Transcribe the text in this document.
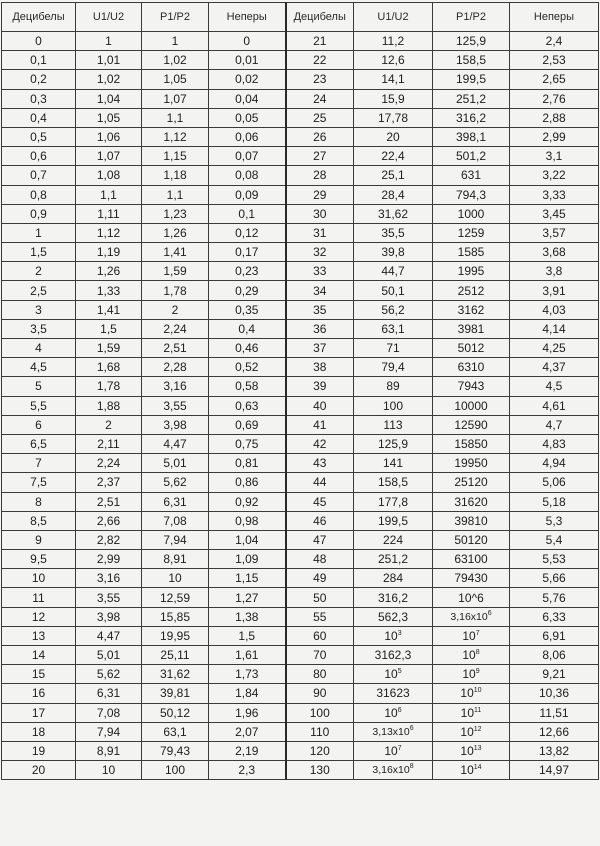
Децибелы	U1/U2	P1/P2	Неперы	Децибелы	U1/U2	P1/P2	Неперы
0	1	1	0	21	11,2	125,9	2,4
0,1	1,01	1,02	0,01	22	12,6	158,5	2,53
0,2	1,02	1,05	0,02	23	14,1	199,5	2,65
0,3	1,04	1,07	0,04	24	15,9	251,2	2,76
0,4	1,05	1,1	0,05	25	17,78	316,2	2,88
0,5	1,06	1,12	0,06	26	20	398,1	2,99
0,6	1,07	1,15	0,07	27	22,4	501,2	3,1
0,7	1,08	1,18	0,08	28	25,1	631	3,22
0,8	1,1	1,1	0,09	29	28,4	794,3	3,33
0,9	1,11	1,23	0,1	30	31,62	1000	3,45
1	1,12	1,26	0,12	31	35,5	1259	3,57
1,5	1,19	1,41	0,17	32	39,8	1585	3,68
2	1,26	1,59	0,23	33	44,7	1995	3,8
2,5	1,33	1,78	0,29	34	50,1	2512	3,91
3	1,41	2	0,35	35	56,2	3162	4,03
3,5	1,5	2,24	0,4	36	63,1	3981	4,14
4	1,59	2,51	0,46	37	71	5012	4,25
4,5	1,68	2,28	0,52	38	79,4	6310	4,37
5	1,78	3,16	0,58	39	89	7943	4,5
5,5	1,88	3,55	0,63	40	100	10000	4,61
6	2	3,98	0,69	41	113	12590	4,7
6,5	2,11	4,47	0,75	42	125,9	15850	4,83
7	2,24	5,01	0,81	43	141	19950	4,94
7,5	2,37	5,62	0,86	44	158,5	25120	5,06
8	2,51	6,31	0,92	45	177,8	31620	5,18
8,5	2,66	7,08	0,98	46	199,5	39810	5,3
9	2,82	7,94	1,04	47	224	50120	5,4
9,5	2,99	8,91	1,09	48	251,2	63100	5,53
10	3,16	10	1,15	49	284	79430	5,66
11	3,55	12,59	1,27	50	316,2	10^6	5,76
12	3,98	15,85	1,38	55	562,3	$3,16x10^6$	6,33
13	4,47	19,95	1,5	60	$10^3$	$10^7$	6,91
14	5,01	25,11	1,61	70	3162,3	$10^8$	8,06
15	5,62	31,62	1,73	80	$10^5$	$10^9$	9,21
16	6,31	39,81	1,84	90	31623	$10^{10}$	10,36
17	7,08	50,12	1,96	100	$10^6$	$10^{11}$	11,51
18	7,94	63,1	2,07	110	$3,13x10^6$	$10^{12}$	12,66
19	8,91	79,43	2,19	120	$10^7$	$10^{13}$	13,82
20	10	100	2,3	130	$3,16x10^8$	$10^{14}$	14,97
